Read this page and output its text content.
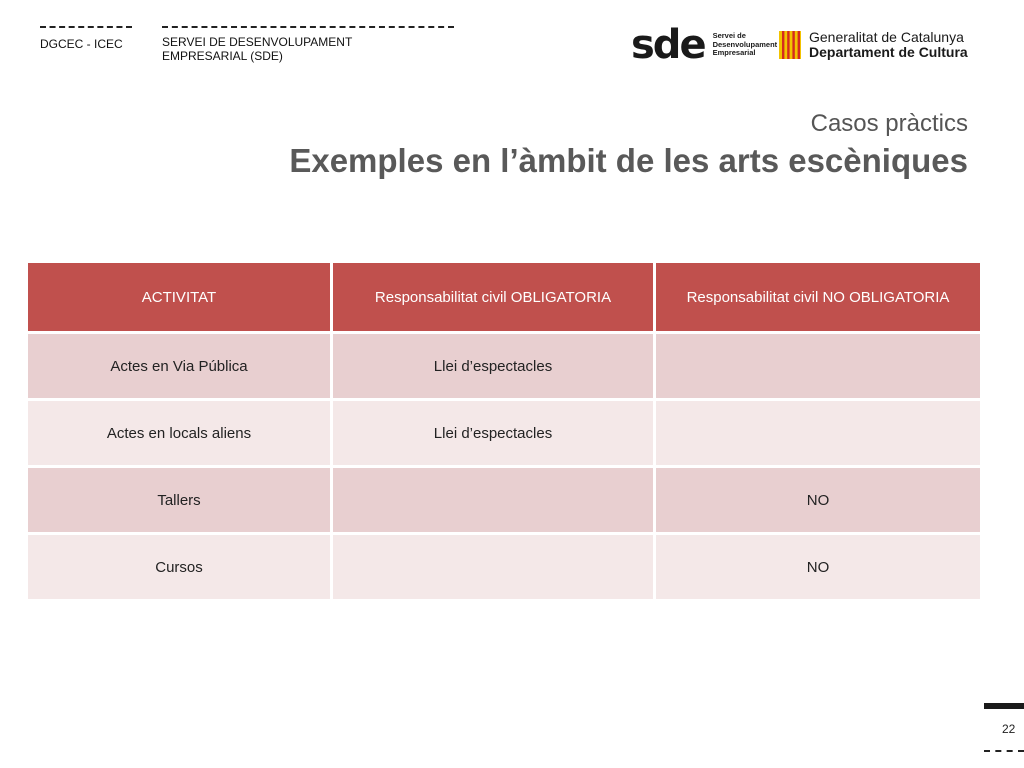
DGCEC - ICEC	SERVEI DE DESENVOLUPAMENT EMPRESARIAL (SDE)	sde Servei de
Desenvolupament
Empresarial
Generalitat de Catalunya
Departament de Cultura
Casos pràctics
Exemples en l’àmbit de les arts escèniques
ACTIVITAT	Responsabilitat civil OBLIGATORIA	Responsabilitat civil NO OBLIGATORIA
Actes en Via Pública	Llei d’espectacles	
Actes en locals aliens	Llei d’espectacles	
Tallers		NO
Cursos		NO
22
